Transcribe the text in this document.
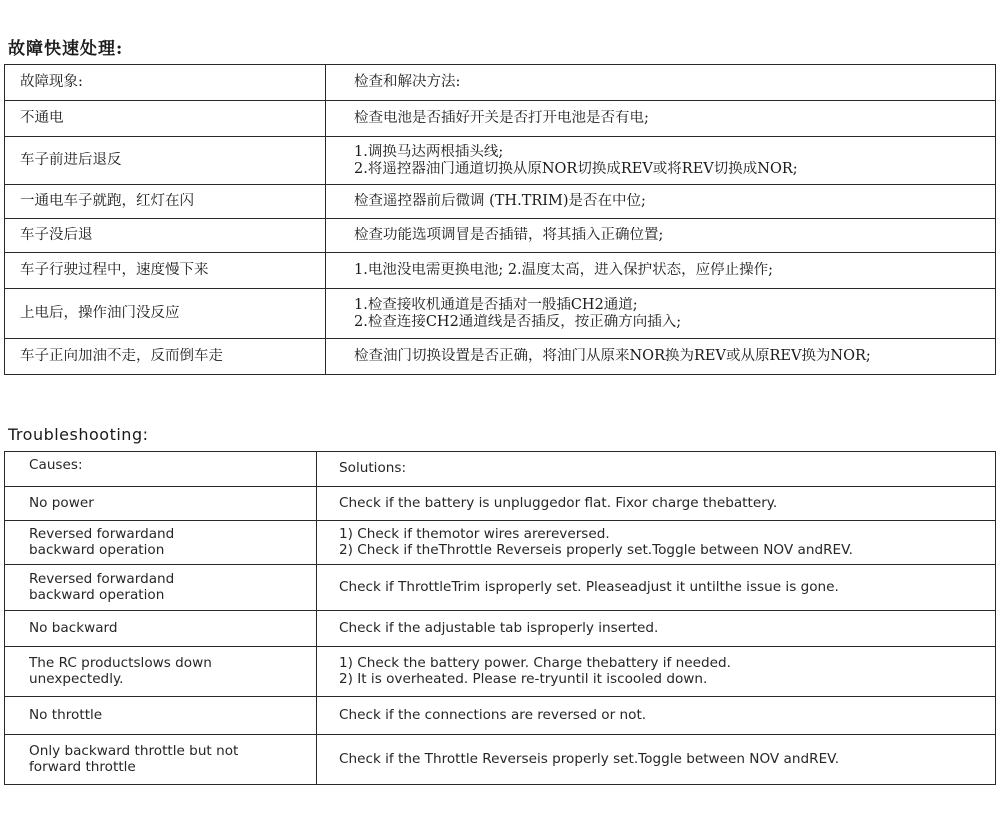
故障快速处理:
故障现象:	检查和解决方法:

不通电	检查电池是否插好开关是否打开电池是否有电;

车子前进后退反	1.调换马达两根插头线;
2.将遥控器油门通道切换从原NOR切换成REV或将REV切换成NOR;

一通电车子就跑，红灯在闪	检查遥控器前后微调 (TH.TRIM)是否在中位;

车子没后退	检查功能选项调冒是否插错，将其插入正确位置;

车子行驶过程中，速度慢下来	1.电池没电需更换电池; 2.温度太高，进入保护状态，应停止操作;

上电后，操作油门没反应	1.检查接收机通道是否插对一般插CH2通道;
2.检查连接CH2通道线是否插反，按正确方向插入;

车子正向加油不走，反而倒车走	检查油门切换设置是否正确，将油门从原来NOR换为REV或从原REV换为NOR;
Troubleshooting:
Causes:	Solutions:

No power	Check if the battery is unpluggedor flat. Fixor charge thebattery.

Reversed forwardand
backward operation	1) Check if themotor wires arereversed.
2) Check if theThrottle Reverseis properly set.Toggle between NOV andREV.

Reversed forwardand
backward operation	Check if ThrottleTrim isproperly set. Pleaseadjust it untilthe issue is gone.

No backward	Check if the adjustable tab isproperly inserted.

The RC productslows down
unexpectedly.	1) Check the battery power. Charge thebattery if needed.
2) It is overheated. Please re-tryuntil it iscooled down.

No throttle	Check if the connections are reversed or not.

Only backward throttle but not
forward throttle	Check if the Throttle Reverseis properly set.Toggle between NOV andREV.
